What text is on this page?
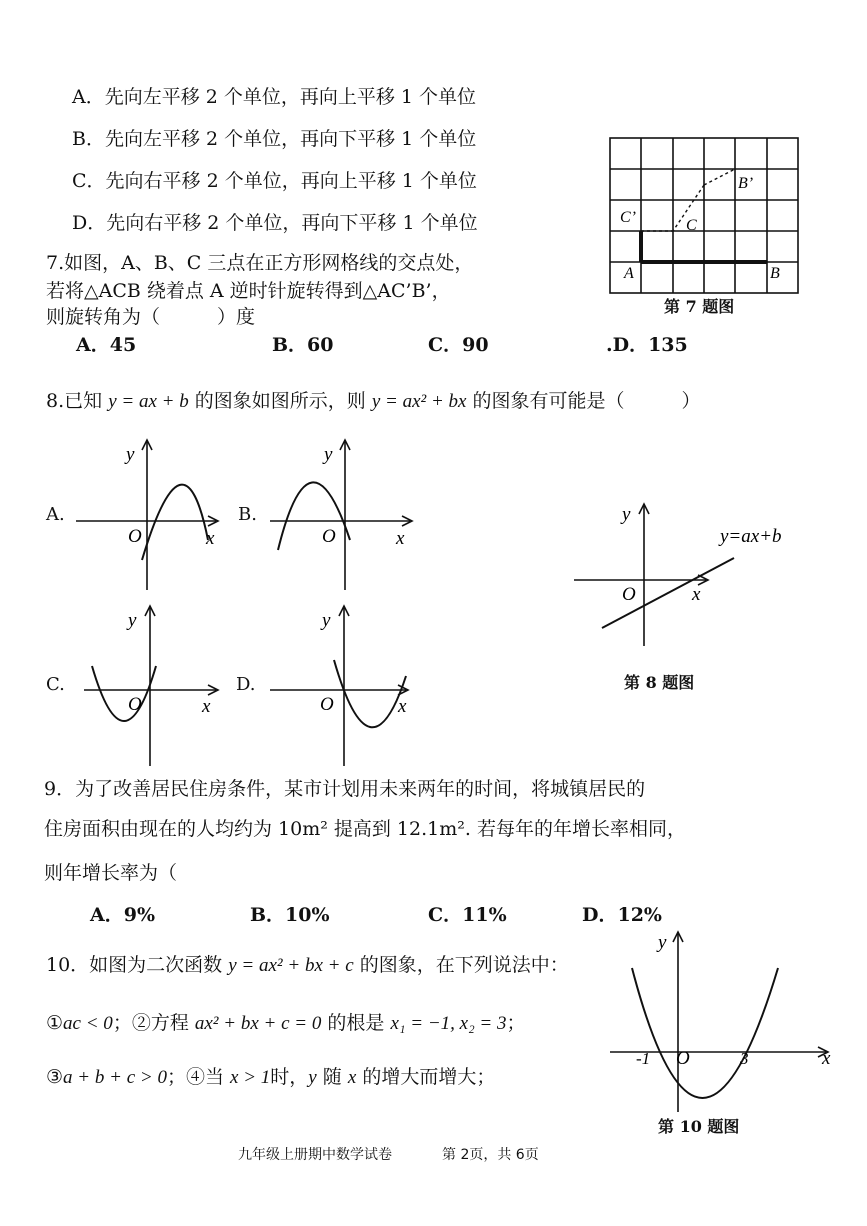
A．先向左平移 2 个单位，再向上平移 1 个单位
B．先向左平移 2 个单位，再向下平移 1 个单位
C．先向右平移 2 个单位，再向上平移 1 个单位
D．先向右平移 2 个单位，再向下平移 1 个单位
7.如图，A、B、C 三点在正方形网格线的交点处，
若将△ACB 绕着点 A 逆时针旋转得到△AC’B’，
则旋转角为（　　　）度
A．45	B．60	C．90	.D．135
A	B
C
C’
B’
第 7 题图
8.已知 y = ax + b 的图象如图所示，则 y = ax² + bx 的图象有可能是（　　　）
A.	B.
C.	D.
y
O	x
y
O	x
y
O	x
y
O	x
y
O	x
y=ax+b
第 8 题图
9．为了改善居民住房条件，某市计划用未来两年的时间，将城镇居民的
住房面积由现在的人均约为 10m² 提高到 12.1m². 若每年的年增长率相同，
则年增长率为（
A．9%	B．10%	C．11%	D．12%
10．如图为二次函数 y = ax² + bx + c 的图象，在下列说法中：
①ac < 0；②方程 ax² + bx + c = 0 的根是 x₁ = −1, x₂ = 3；
③a + b + c > 0；④当 x > 1时，y 随 x 的增大而增大；
y
O
-1	3	x
第 10 题图
九年级上册期中数学试卷	第 2页，共 6页
